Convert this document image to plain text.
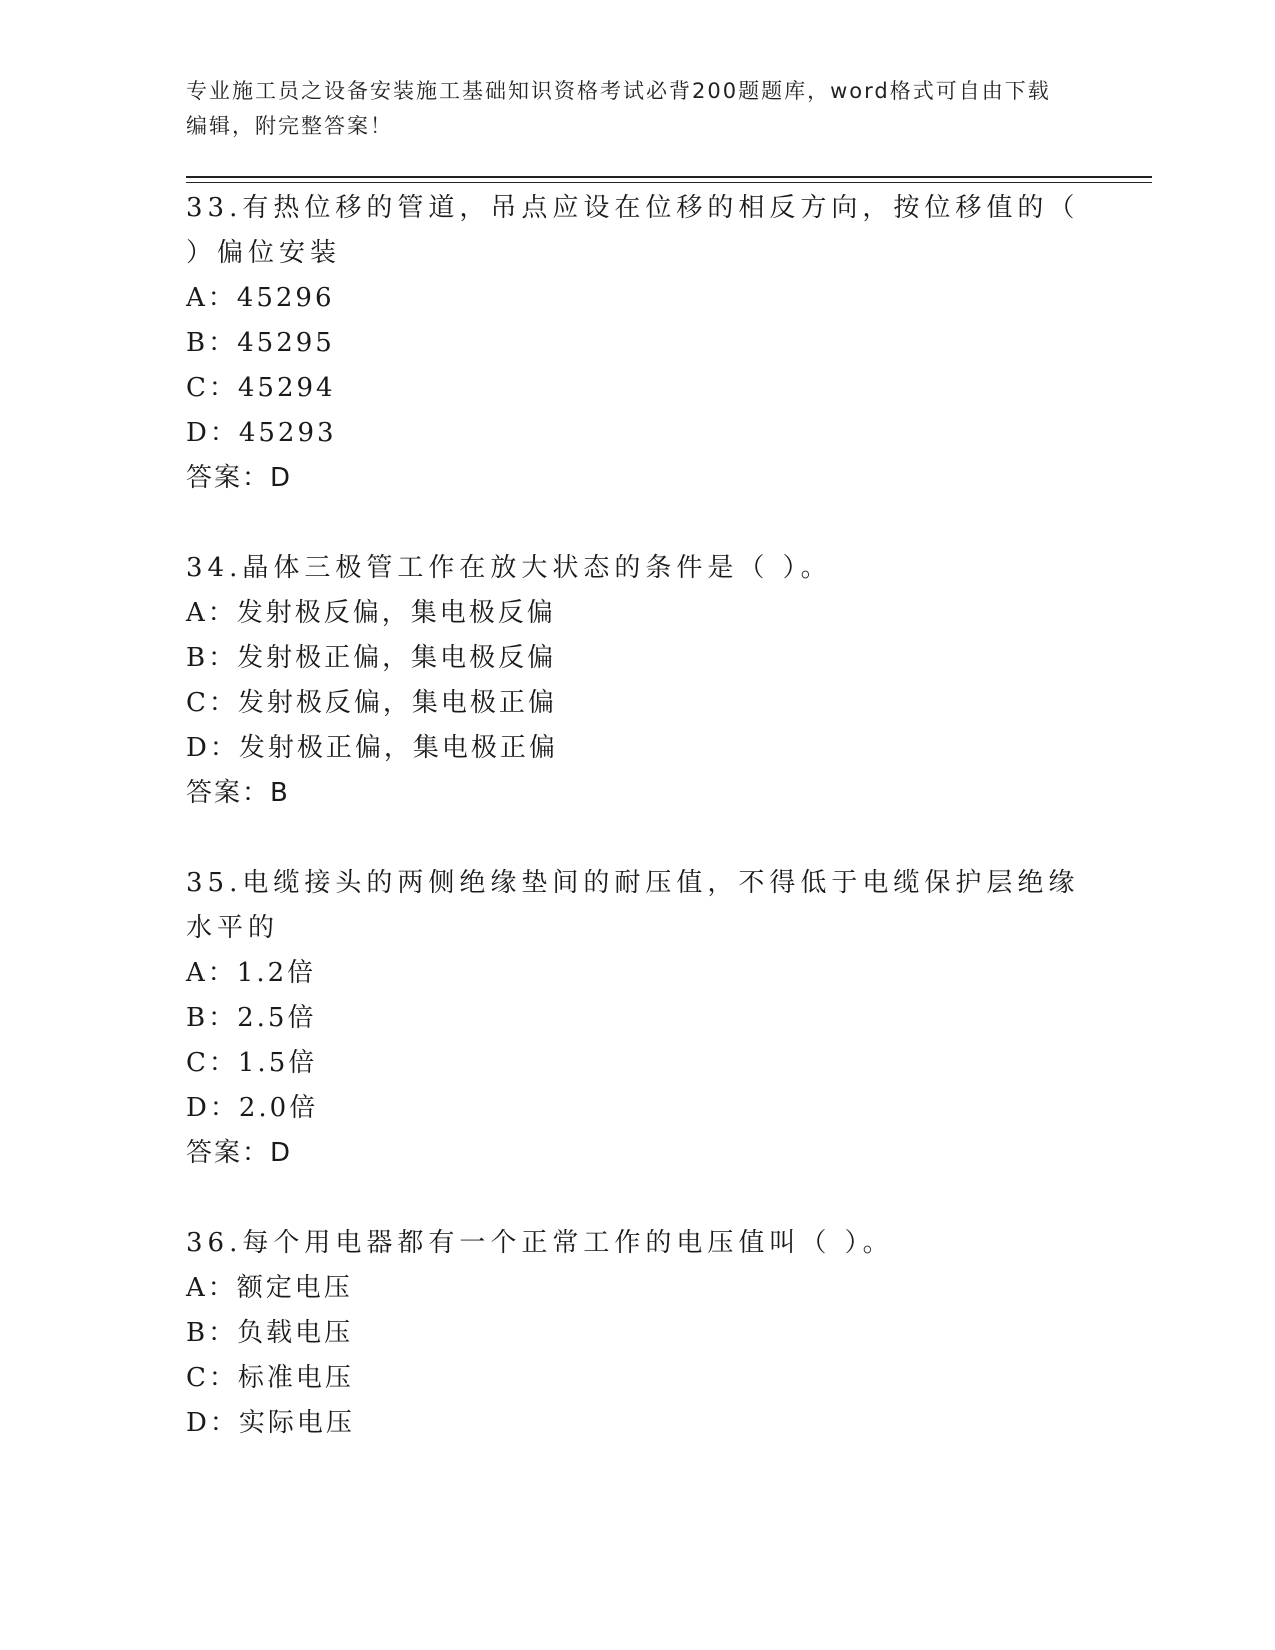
专业施工员之设备安装施工基础知识资格考试必背200题题库，word格式可自由下载编辑，附完整答案！

33.有热位移的管道，吊点应设在位移的相反方向，按位移值的（ ）偏位安装

A：45296

B：45295

C：45294

D：45293

答案：D

34.晶体三极管工作在放大状态的条件是（ ）。

A：发射极反偏，集电极反偏

B：发射极正偏，集电极反偏

C：发射极反偏，集电极正偏

D：发射极正偏，集电极正偏

答案：B

35.电缆接头的两侧绝缘垫间的耐压值，不得低于电缆保护层绝缘水平的

A：1.2倍

B：2.5倍

C：1.5倍

D：2.0倍

答案：D

36.每个用电器都有一个正常工作的电压值叫（ ）。

A：额定电压

B：负载电压

C：标准电压

D：实际电压
